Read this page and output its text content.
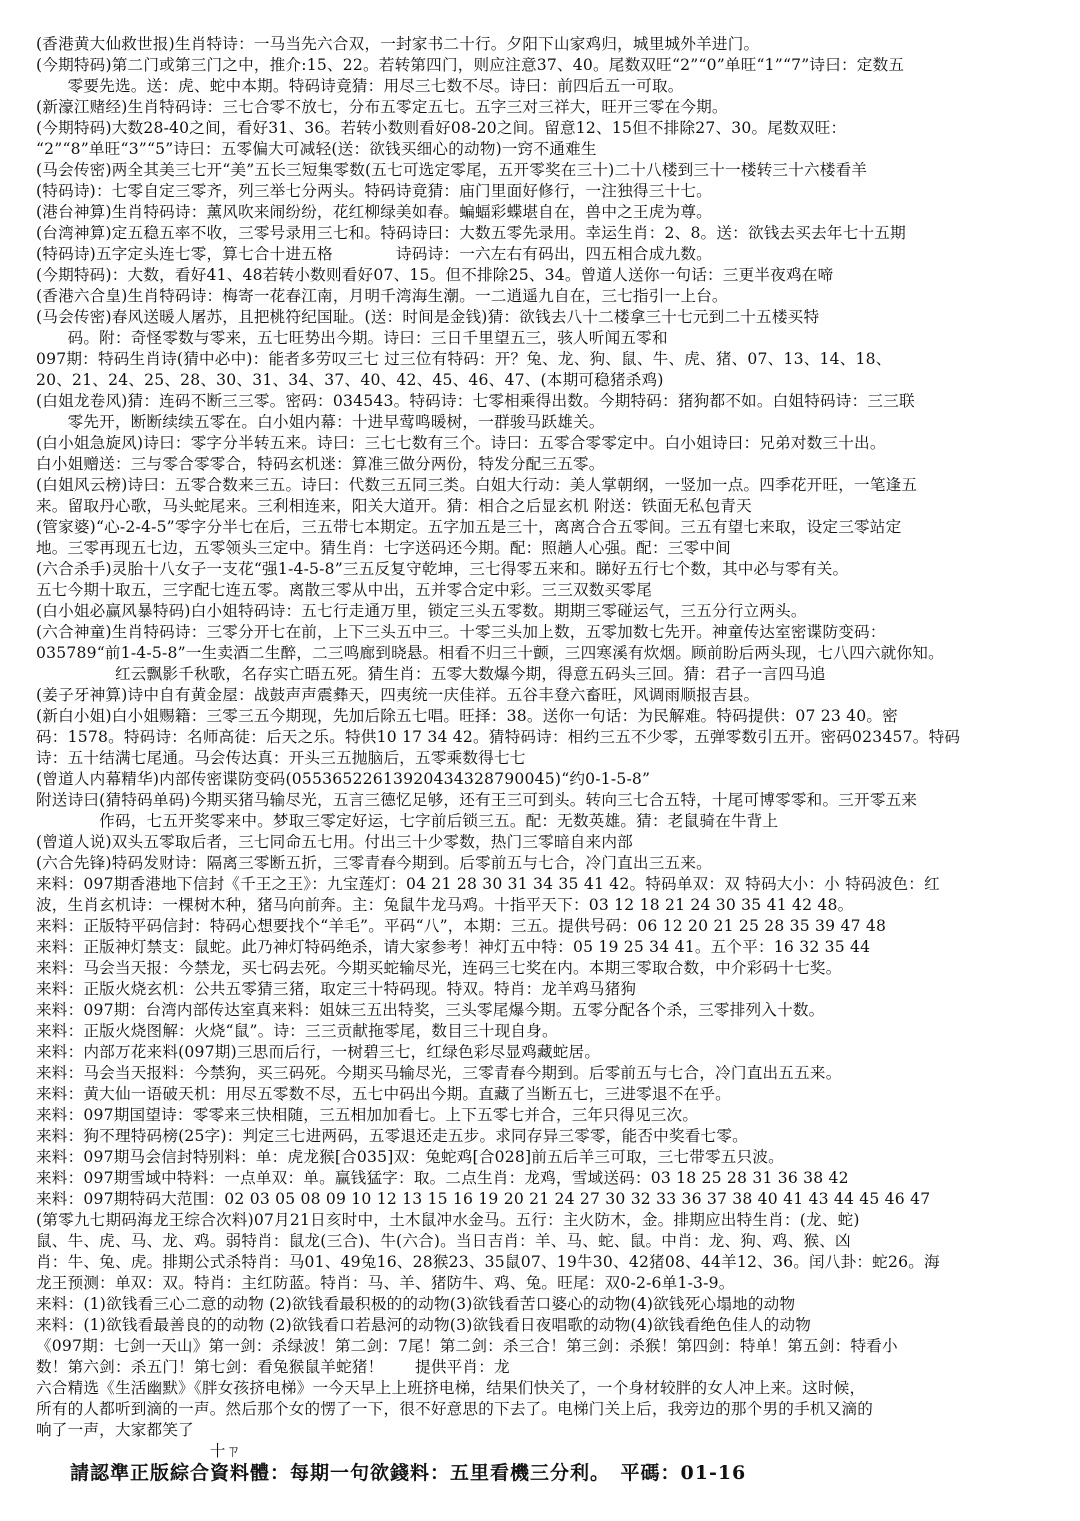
(香港黄大仙救世报)生肖特诗：一马当先六合双，一封家书二十行。夕阳下山家鸡归，城里城外羊进门。
(今期特码)第二门或第三门之中，推介:15、22。若转第四门，则应注意37、40。尾数双旺“2”“0”单旺“1”“7”诗曰：定数五
　　零要先选。送：虎、蛇中本期。特码诗竟猜：用尽三七数不尽。诗曰：前四后五一可取。
(新濠江赌经)生肖特码诗：三七合零不放七，分布五零定五七。五字三对三祥大，旺开三零在今期。
(今期特码)大数28-40之间，看好31、36。若转小数则看好08-20之间。留意12、15但不排除27、30。尾数双旺：
“2”“8”单旺“3”“5”诗曰：五零偏大可减轻(送：欲钱买细心的动物)一窍不通难生
(马会传密)两全其美三七开“美”五长三短集零数(五七可选定零尾，五开零奖在三十)二十八楼到三十一楼转三十六楼看羊
(特码诗)：七零自定三零齐，列三举七分两头。特码诗竟猜：庙门里面好修行，一注独得三十七。
(港台神算)生肖特码诗：薰风吹来闹纷纷，花红柳绿美如春。蝙蝠彩蝶堪自在，兽中之王虎为尊。
(台湾神算)定五稳五率不收，三零号录用三七和。特码诗曰：大数五零先录用。幸运生肖：2、8。送：欲钱去买去年七十五期
(特码诗)五字定头连七零，算七合十进五格　　　　诗码诗：一六左右有码出，四五相合成九数。
(今期特码)：大数，看好41、48若转小数则看好07、15。但不排除25、34。曾道人送你一句话：三更半夜鸡在啼
(香港六合皇)生肖特码诗：梅寄一花春江南，月明千湾海生潮。一二逍遥九自在，三七指引一上台。
(马会传密)春风送暖人屠苏，且把桃符纪国耻。(送：时间是金钱)猜：欲钱去八十二楼拿三十七元到二十五楼买特
　　码。附：奇怪零数与零来，五七旺势出今期。诗曰：三日千里望五三，骇人听闻五零和
097期：特码生肖诗(猜中必中)：能者多劳叹三七 过三位有特码：开？兔、龙、狗、鼠、牛、虎、猪、07、13、14、18、
20、21、24、25、28、30、31、34、37、40、42、45、46、47、(本期可稳猪杀鸡)
(白姐龙卷风)猜：连码不断三三零。密码：034543。特码诗：七零相乘得出数。今期特码：猪狗都不如。白姐特码诗：三三联
　　零先开，断断续续五零在。白小姐内幕：十进早莺鸣暖树，一群骏马跃雄关。
(白小姐急旋风)诗曰：零字分半转五来。诗曰：三七七数有三个。诗曰：五零合零零定中。白小姐诗曰：兄弟对数三十出。
白小姐赠送：三与零合零零合，特码玄机迷：算准三做分两份，特发分配三五零。
(白姐风云榜)诗曰：五零合数来三五。诗曰：代数三五同三类。白姐大行动：美人掌朝纲，一竖加一点。四季花开旺，一笔逢五
来。留取丹心歌，马头蛇尾来。三利相连来，阳关大道开。猜：相合之后显玄机 附送：铁面无私包青天
(管家婆)“心-2-4-5”零字分半七在后，三五带七本期定。五字加五是三十，离离合合五零间。三五有望七来取，设定三零站定
地。三零再现五七边，五零领头三定中。猜生肖：七字送码还今期。配：照趟人心强。配：三零中间
(六合杀手)灵胎十八女子一支花“强1-4-5-8”三五反复守乾坤，三七得零五来和。睇好五行七个数，其中必与零有关。
五七今期十取五，三字配七连五零。离散三零从中出，五并零合定中彩。三三双数买零尾
(白小姐必赢风暴特码)白小姐特码诗：五七行走通万里，锁定三头五零数。期期三零碰运气，三五分行立两头。
(六合神童)生肖特码诗：三零分开七在前，上下三头五中三。十零三头加上数，五零加数七先开。神童传达室密谍防变码：
035789“前1-4-5-8”一生卖酒二生醉，二三鸣廊到晓悬。相看不归三十颤，三四寒溪有炊烟。顾前盼后两头现，七八四六就你知。
　　　　　红云飘影千秋歌，名存实亡晤五死。猜生肖：五零大数爆今期，得意五码头三回。猜：君子一言四马追
(姜子牙神算)诗中自有黄金屋：战鼓声声震彝天，四夷统一庆佳祥。五谷丰登六畜旺，风调雨顺报吉县。
(新白小姐)白小姐赐籍：三零三五今期现，先加后除五七唱。旺择：38。送你一句话：为民解难。特码提供：07 23 40。密
码：1578。特码诗：名师高徒：后天之乐。特供10 17 34 42。猜特码诗：相约三五不少零，五弹零数引五开。密码023457。特码
诗：五十结满七尾通。马会传达真：开头三五抛脑后，五零乘数得七七
(曾道人内幕精华)内部传密谍防变码(05536522613920434328790045)“约0-1-5-8”
附送诗曰(猜特码单码)今期买猪马输尽光，五言三德忆足够，还有王三可到头。转向三七合五特，十尾可博零零和。三开零五来
　　　　作码，七五开奖零来中。梦取三零定好运，七字前后锁三五。配：无数英雄。猜：老鼠骑在牛背上
(曾道人说)双头五零取后者，三七同命五七用。付出三十少零数，热门三零暗自来内部
(六合先锋)特码发财诗：隔离三零断五折，三零青春今期到。后零前五与七合，冷门直出三五来。
来料：097期香港地下信封《千王之王》：九宝莲灯：04 21 28 30 31 34 35 41 42。特码单双：双 特码大小：小 特码波色：红
波，生肖玄机诗：一棵树木种，猪马向前奔。主：兔鼠牛龙马鸡。十指平天下：03 12 18 21 24 30 35 41 42 48。
来料：正版特平码信封：特码心想要找个“羊毛”。平码“八”，本期：三五。提供号码：06 12 20 21 25 28 35 39 47 48
来料：正版神灯禁支：鼠蛇。此乃神灯特码绝杀，请大家参考！神灯五中特：05 19 25 34 41。五个平：16 32 35 44
来料：马会当天报：今禁龙，买七码去死。今期买蛇输尽光，连码三七奖在内。本期三零取合数，中介彩码十七奖。
来料：正版火烧玄机：公共五零猜三猪，取定三十特码现。特双。特肖：龙羊鸡马猪狗
来料：097期：台湾内部传达室真来料：姐妹三五出特奖，三头零尾爆今期。五零分配各个杀，三零排列入十数。
来料：正版火烧图解：火烧“鼠”。诗：三三贡献拖零尾，数目三十现自身。
来料：内部万花来料(097期)三思而后行，一树碧三七，红绿色彩尽显鸡藏蛇居。
来料：马会当天报料：今禁狗，买三码死。今期买马输尽光，三零青春今期到。后零前五与七合，冷门直出五五来。
来料：黄大仙一语破天机：用尽五零数不尽，五七中码出今期。直藏了当断五七，三进零退不在乎。
来料：097期国望诗：零零来三快相随，三五相加加看七。上下五零七并合，三年只得见三次。
来料：狗不理特码榜(25字)：判定三七进两码，五零退还走五步。求同存异三零零，能否中奖看七零。
来料：097期马会信封特别料：单：虎龙猴[合035]双：兔蛇鸡[合028]前五后羊三可取，三七带零五只波。
来料：097期雪域中特料：一点单双：单。赢钱猛字：取。二点生肖：龙鸡，雪域送码：03 18 25 28 31 36 38 42
来料：097期特码大范围：02 03 05 08 09 10 12 13 15 16 19 20 21 24 27 30 32 33 36 37 38 40 41 43 44 45 46 47
(第零九七期码海龙王综合次料)07月21日亥时中，土木鼠冲水金马。五行：主火防木，金。排期应出特生肖：(龙、蛇)
鼠、牛、虎、马、龙、鸡。弱特肖：鼠龙(三合)、牛(六合)。当日吉肖：羊、马、蛇、鼠。中肖：龙、狗、鸡、猴、凶
肖：牛、兔、虎。排期公式杀特肖：马01、49兔16、28猴23、35鼠07、19牛30、42猪08、44羊12、36。闰八卦：蛇26。海
龙王预测：单双：双。特肖：主红防蓝。特肖：马、羊、猪防牛、鸡、兔。旺尾：双0-2-6单1-3-9。
来料：(1)欲钱看三心二意的动物 (2)欲钱看最积极的的动物(3)欲钱看苦口婆心的动物(4)欲钱死心塌地的动物
来料：(1)欲钱看最善良的的动物 (2)欲钱看口若悬河的动物(3)欲钱看日夜唱歌的动物(4)欲钱看绝色佳人的动物
《097期：七剑一天山》第一剑：杀绿波！第二剑：7尾！第二剑：杀三合！第三剑：杀猴！第四剑：特单！第五剑：特看小
数！第六剑：杀五门！第七剑：看兔猴鼠羊蛇猪！　　提供平肖：龙
六合精选《生活幽默》《胖女孩挤电梯》一今天早上上班挤电梯，结果们快关了，一个身材较胖的女人冲上来。这时候，
所有的人都听到滴的一声。然后那个女的愣了一下，很不好意思的下去了。电梯门关上后，我旁边的那个男的手机又滴的
响了一声，大家都笑了
　　　　　　　　　　　十ㄗ
請認準正版綜合資料體：每期一句欲錢料：五里看機三分利。　平碼：01-16
